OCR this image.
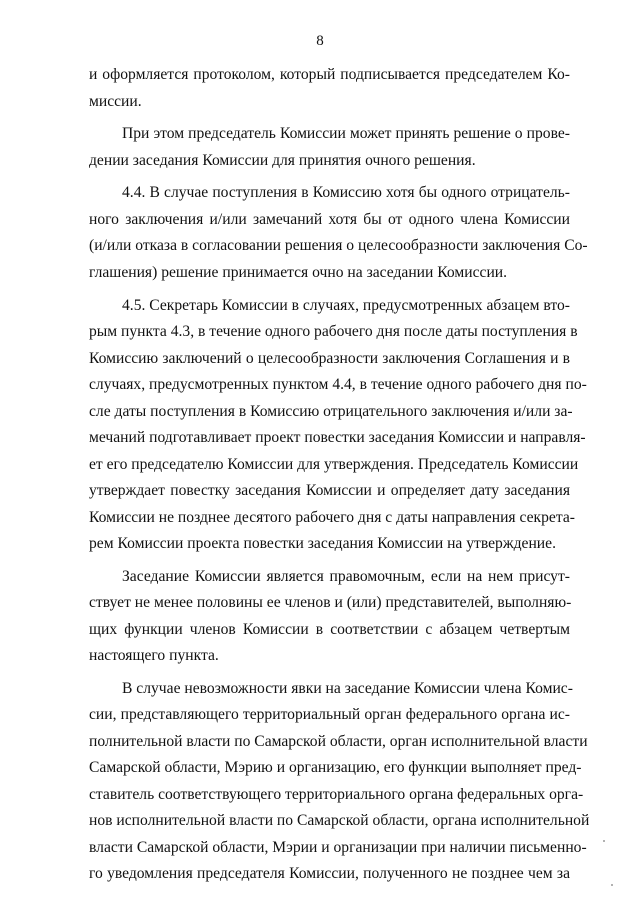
8
и оформляется протоколом, который подписывается председателем Ко-
миссии.
При этом председатель Комиссии может принять решение о прове-
дении заседания Комиссии для принятия очного решения.
4.4. В случае поступления в Комиссию хотя бы одного отрицатель-
ного заключения и/или замечаний хотя бы от одного члена Комиссии
(и/или отказа в согласовании решения о целесообразности заключения Со-
глашения) решение принимается очно на заседании Комиссии.
4.5. Секретарь Комиссии в случаях, предусмотренных абзацем вто-
рым пункта 4.3, в течение одного рабочего дня после даты поступления в
Комиссию заключений о целесообразности заключения Соглашения и в
случаях, предусмотренных пунктом 4.4, в течение одного рабочего дня по-
сле даты поступления в Комиссию отрицательного заключения и/или за-
мечаний подготавливает проект повестки заседания Комиссии и направля-
ет его председателю Комиссии для утверждения. Председатель Комиссии
утверждает повестку заседания Комиссии и определяет дату заседания
Комиссии не позднее десятого рабочего дня с даты направления секрета-
рем Комиссии проекта повестки заседания Комиссии на утверждение.
Заседание Комиссии является правомочным, если на нем присут-
ствует не менее половины ее членов и (или) представителей, выполняю-
щих функции членов Комиссии в соответствии с абзацем четвертым
настоящего пункта.
В случае невозможности явки на заседание Комиссии члена Комис-
сии, представляющего территориальный орган федерального органа ис-
полнительной власти по Самарской области, орган исполнительной власти
Самарской области, Мэрию и организацию, его функции выполняет пред-
ставитель соответствующего территориального органа федеральных орга-
нов исполнительной власти по Самарской области, органа исполнительной
власти Самарской области, Мэрии и организации при наличии письменно-
го уведомления председателя Комиссии, полученного не позднее чем за
